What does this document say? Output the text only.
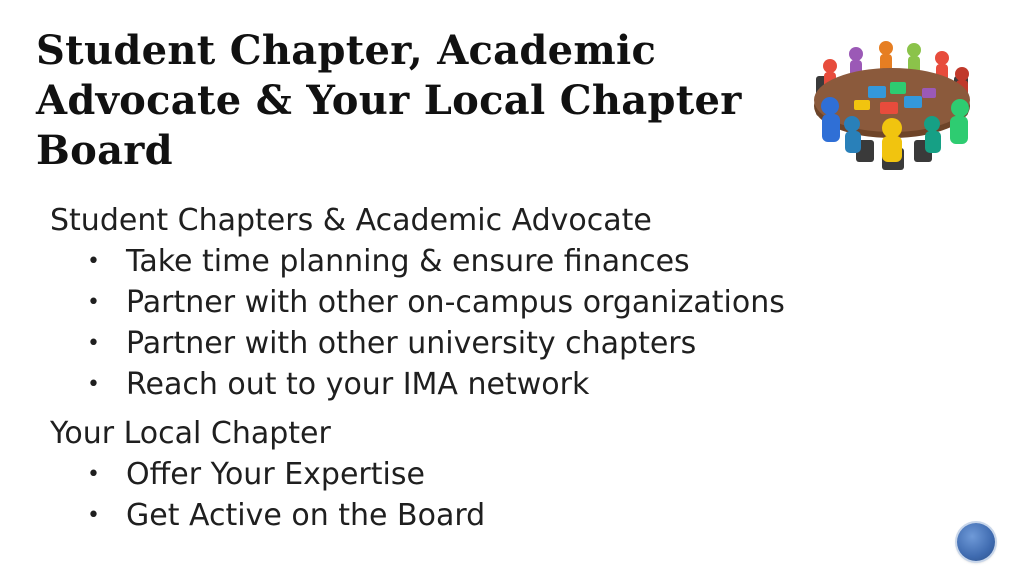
Student Chapter, Academic
Advocate & Your Local Chapter
Board
Student Chapters & Academic Advocate
• Take time planning & ensure finances
• Partner with other on-campus organizations
• Partner with other university chapters
• Reach out to your IMA network
Your Local Chapter
• Offer Your Expertise
• Get Active on the Board
